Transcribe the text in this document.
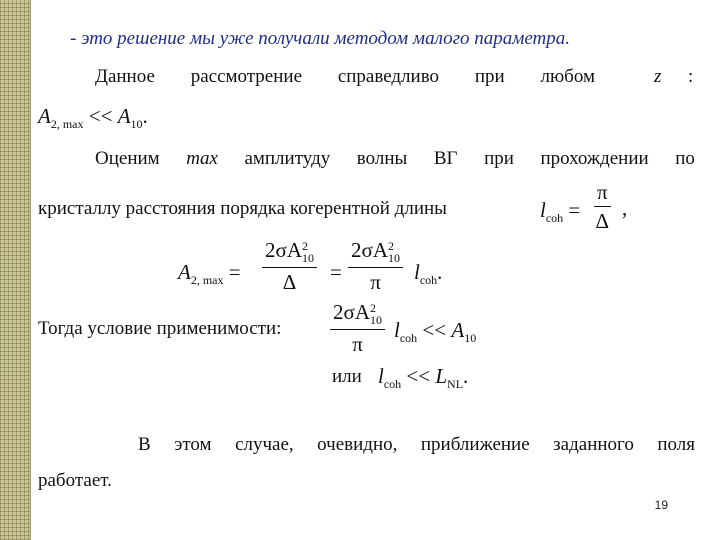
- это решение мы уже получали методом малого параметра.
Данное рассмотрение справедливо при любом	z :
$A_{2, max} << A_{10}$.
Оценим max амплитуду волны ВГ при прохождении по
кристаллу расстояния порядка когерентной длины	$l_{coh} = \frac{\pi}{\Delta}$ ,
$A_{2, max} = 2\sigma A$ 2
10
Δ = 2σA 2
10
π $l_{coh}$.
Тогда условие применимости: 2σA 2
10
π $l_{coh} << A_{10}$
или $l_{coh} << L_{NL}$.
В этом случае, очевидно, приближение заданного поля
работает.
19
